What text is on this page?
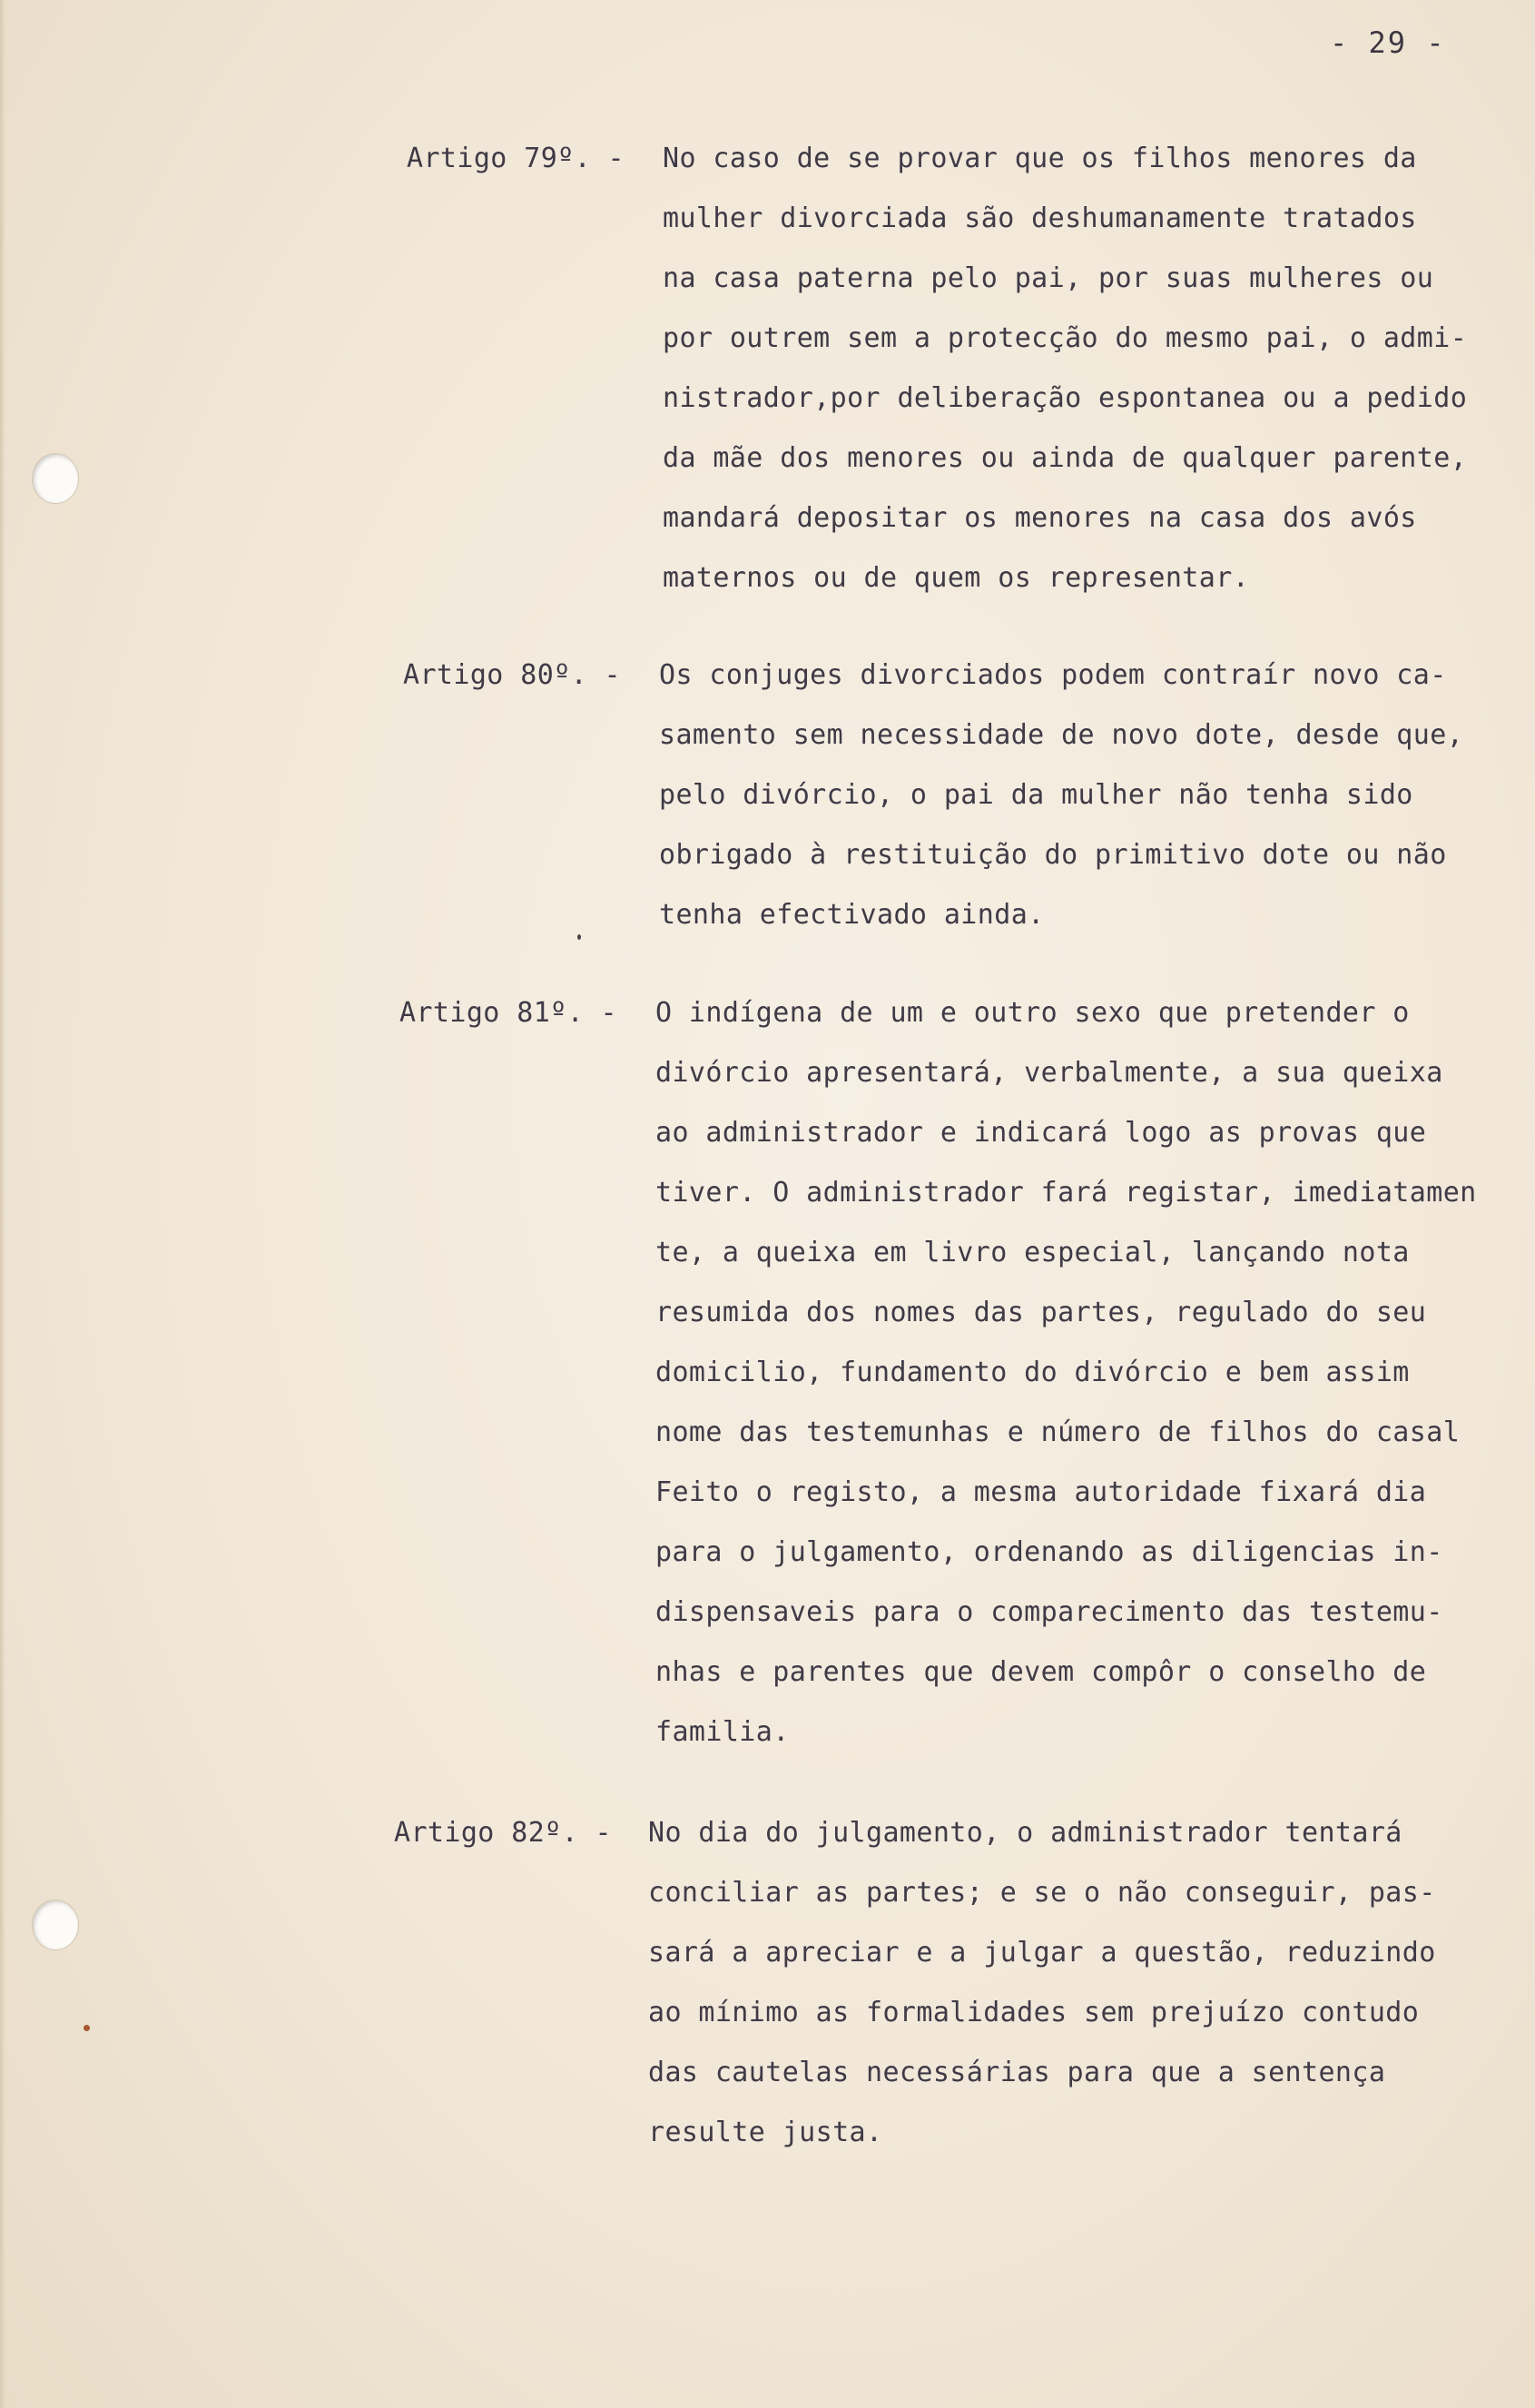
- 29 -
Artigo 79º. - No caso de se provar que os filhos menores da
mulher divorciada são deshumanamente tratados
na casa paterna pelo pai, por suas mulheres ou
por outrem sem a protecção do mesmo pai, o admi-
nistrador,por deliberação espontanea ou a pedido
da mãe dos menores ou ainda de qualquer parente,
mandará depositar os menores na casa dos avós
maternos ou de quem os representar.
Artigo 80º. - Os conjuges divorciados podem contraír novo ca-
samento sem necessidade de novo dote, desde que,
pelo divórcio, o pai da mulher não tenha sido
obrigado à restituição do primitivo dote ou não
tenha efectivado ainda.
Artigo 81º. - O indígena de um e outro sexo que pretender o
divórcio apresentará, verbalmente, a sua queixa
ao administrador e indicará logo as provas que
tiver. O administrador fará registar, imediatamen
te, a queixa em livro especial, lançando nota
resumida dos nomes das partes, regulado do seu
domicilio, fundamento do divórcio e bem assim
nome das testemunhas e número de filhos do casal
Feito o registo, a mesma autoridade fixará dia
para o julgamento, ordenando as diligencias in-
dispensaveis para o comparecimento das testemu-
nhas e parentes que devem compôr o conselho de
familia.
Artigo 82º. - No dia do julgamento, o administrador tentará
conciliar as partes; e se o não conseguir, pas-
sará a apreciar e a julgar a questão, reduzindo
ao mínimo as formalidades sem prejuízo contudo
das cautelas necessárias para que a sentença
resulte justa.
